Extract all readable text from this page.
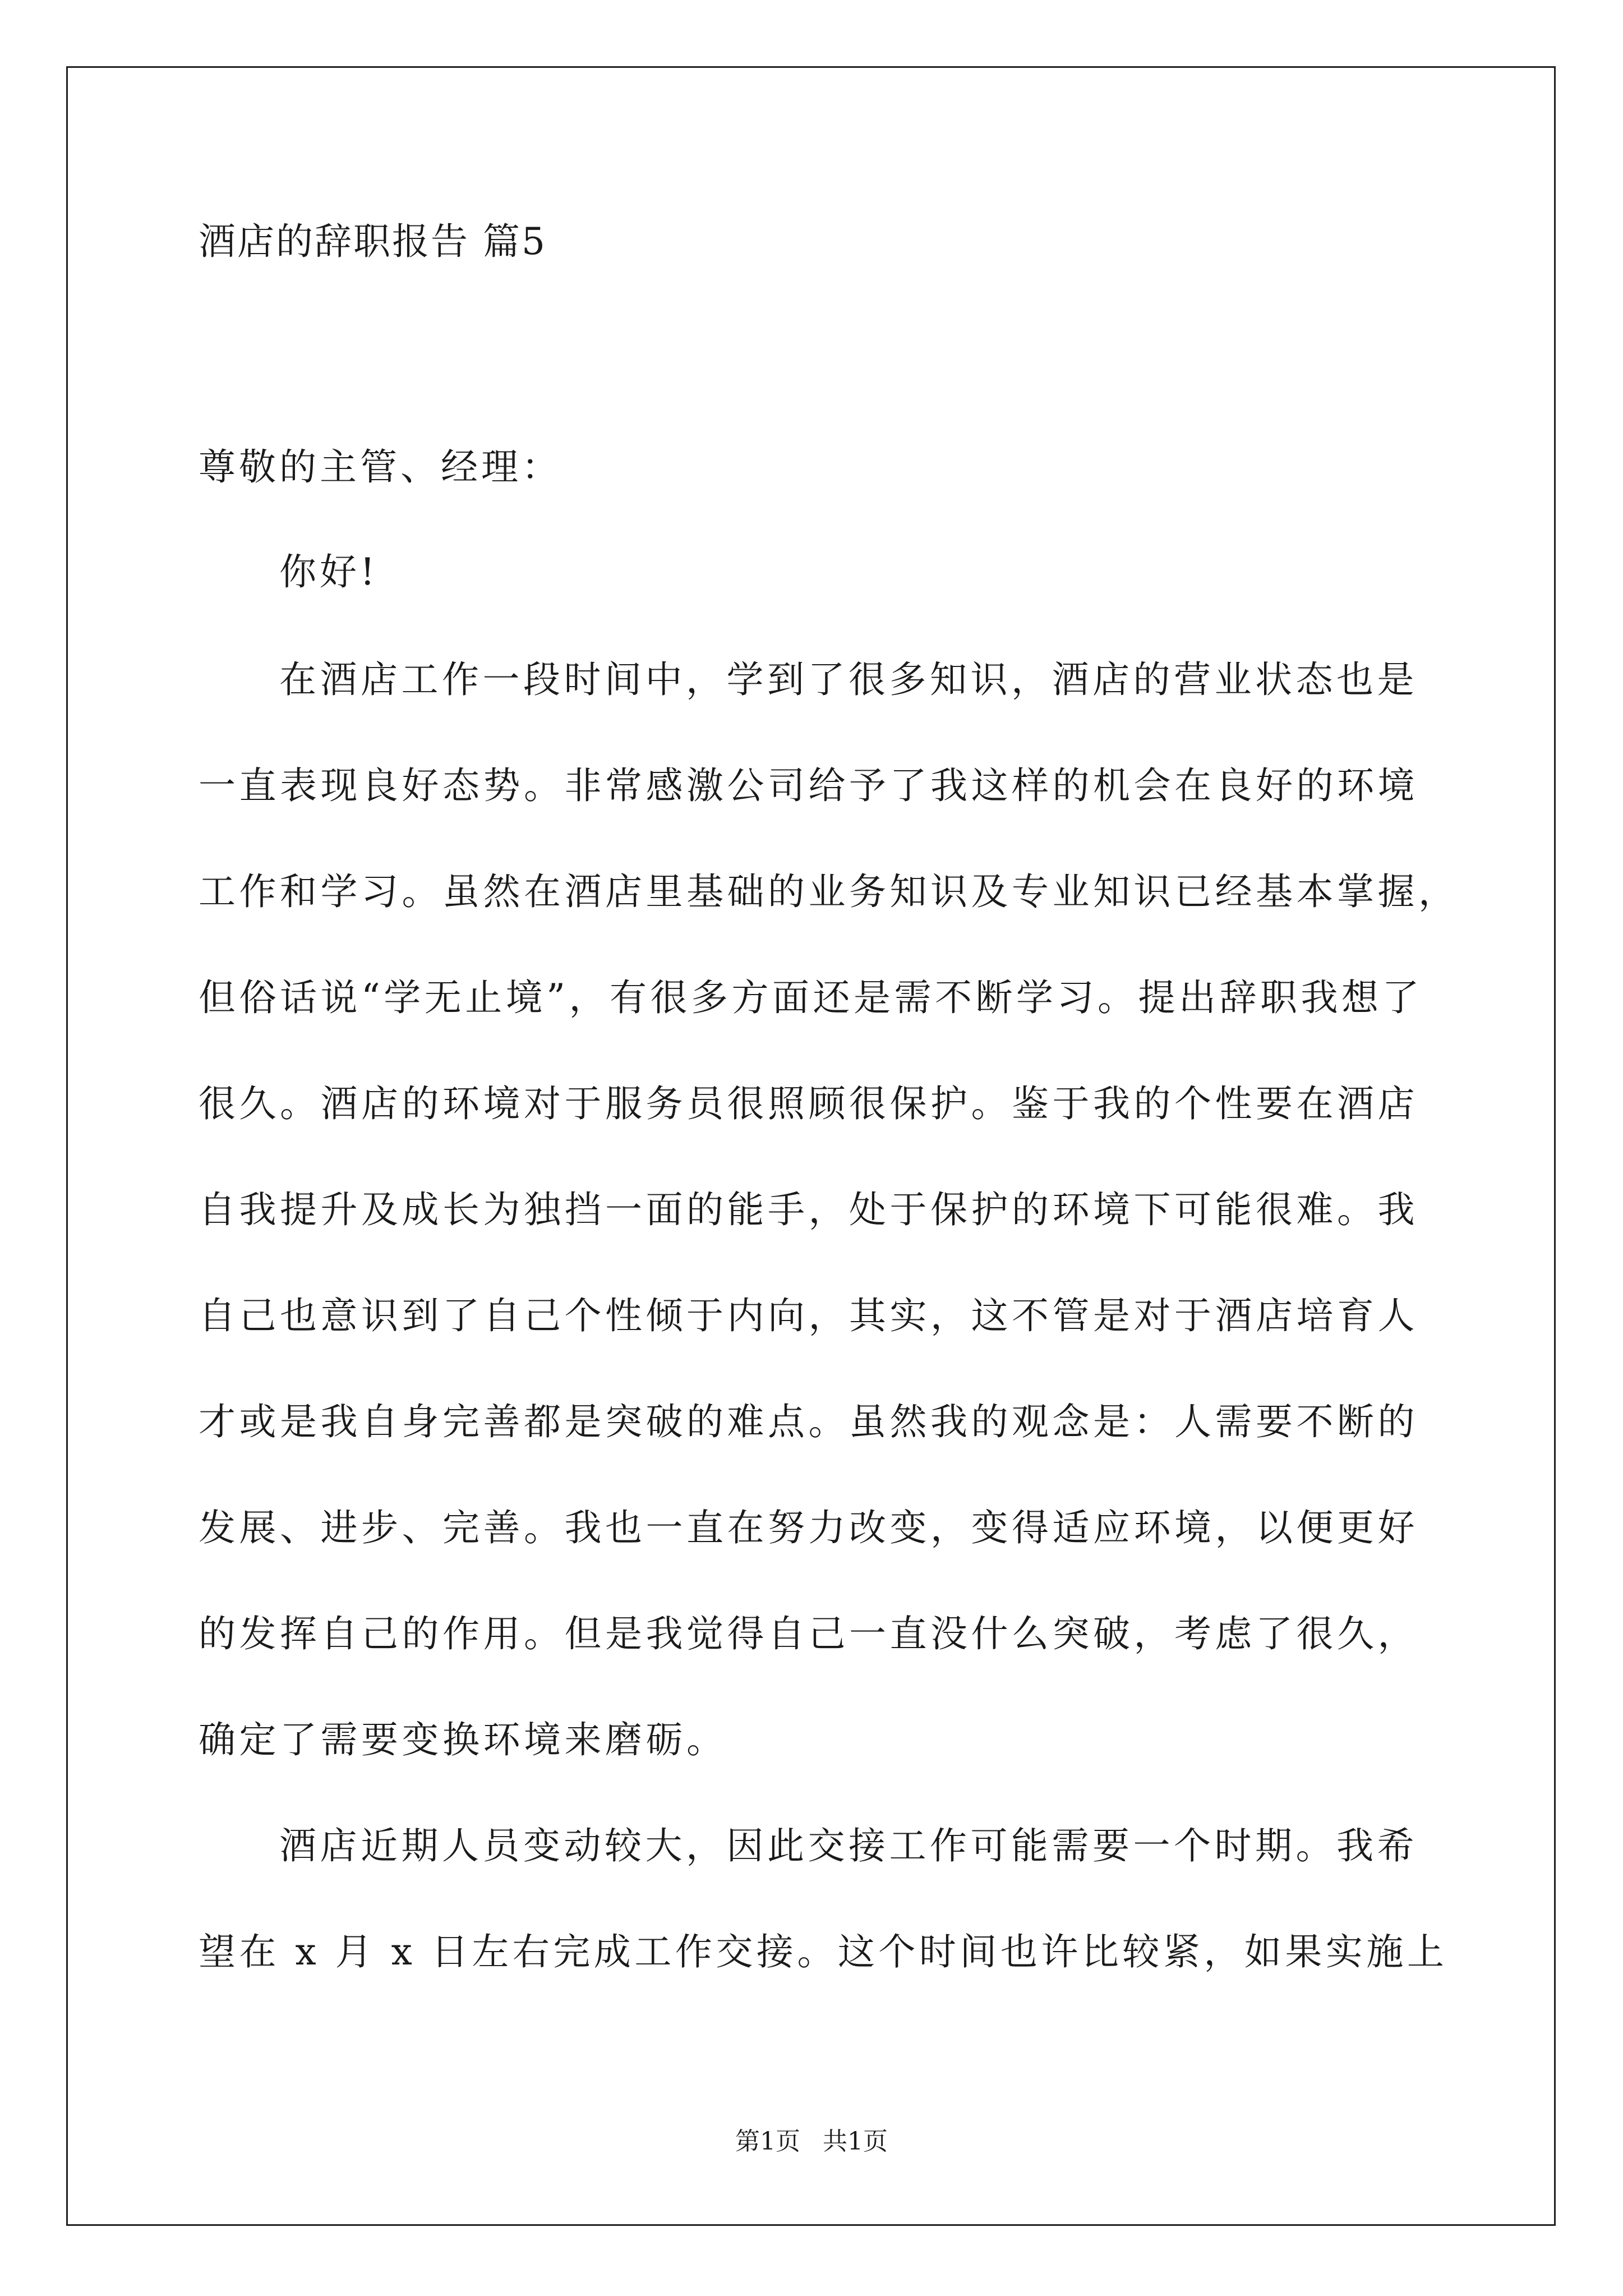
酒店的辞职报告 篇5
尊敬的主管、经理：
你好!
在酒店工作一段时间中，学到了很多知识，酒店的营业状态也是
一直表现良好态势。非常感激公司给予了我这样的机会在良好的环境
工作和学习。虽然在酒店里基础的业务知识及专业知识已经基本掌握，
但俗话说“学无止境”，有很多方面还是需不断学习。提出辞职我想了
很久。酒店的环境对于服务员很照顾很保护。鉴于我的个性要在酒店
自我提升及成长为独挡一面的能手，处于保护的环境下可能很难。我
自己也意识到了自己个性倾于内向，其实，这不管是对于酒店培育人
才或是我自身完善都是突破的难点。虽然我的观念是：人需要不断的
发展、进步、完善。我也一直在努力改变，变得适应环境，以便更好
的发挥自己的作用。但是我觉得自己一直没什么突破，考虑了很久，
确定了需要变换环境来磨砺。
酒店近期人员变动较大，因此交接工作可能需要一个时期。我希
望在 x 月 x 日左右完成工作交接。这个时间也许比较紧，如果实施上
第1页 共1页
